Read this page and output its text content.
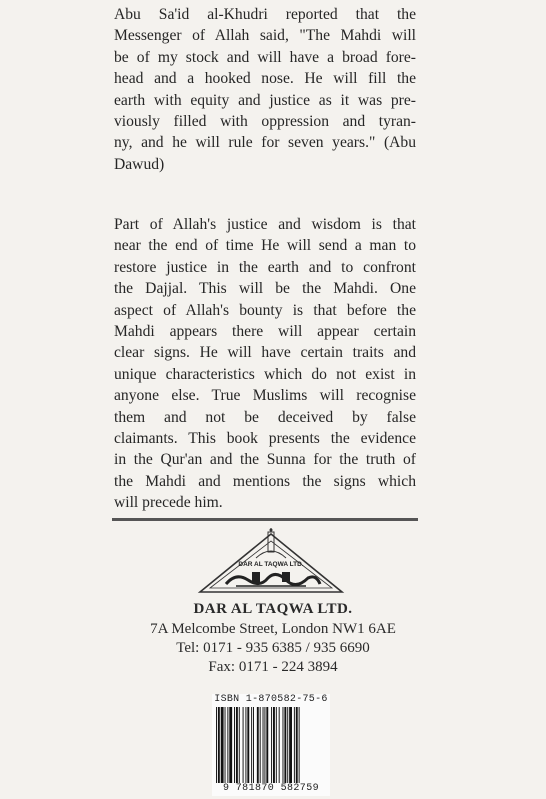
Abu Sa'id al-Khudri reported that the
Messenger of Allah said, "The Mahdi will
be of my stock and will have a broad fore-
head and a hooked nose. He will fill the
earth with equity and justice as it was pre-
viously filled with oppression and tyran-
ny, and he will rule for seven years." (Abu
Dawud)
Part of Allah's justice and wisdom is that
near the end of time He will send a man to
restore justice in the earth and to confront
the Dajjal. This will be the Mahdi. One
aspect of Allah's bounty is that before the
Mahdi appears there will appear certain
clear signs. He will have certain traits and
unique characteristics which do not exist in
anyone else. True Muslims will recognise
them and not be deceived by false
claimants. This book presents the evidence
in the Qur'an and the Sunna for the truth of
the Mahdi and mentions the signs which
will precede him.
DAR AL TAQWA LTD.
DAR AL TAQWA LTD.
7A Melcombe Street, London NW1 6AE
Tel: 0171 - 935 6385 / 935 6690
Fax: 0171 - 224 3894
ISBN 1-870582-75-6
9 781870 582759
